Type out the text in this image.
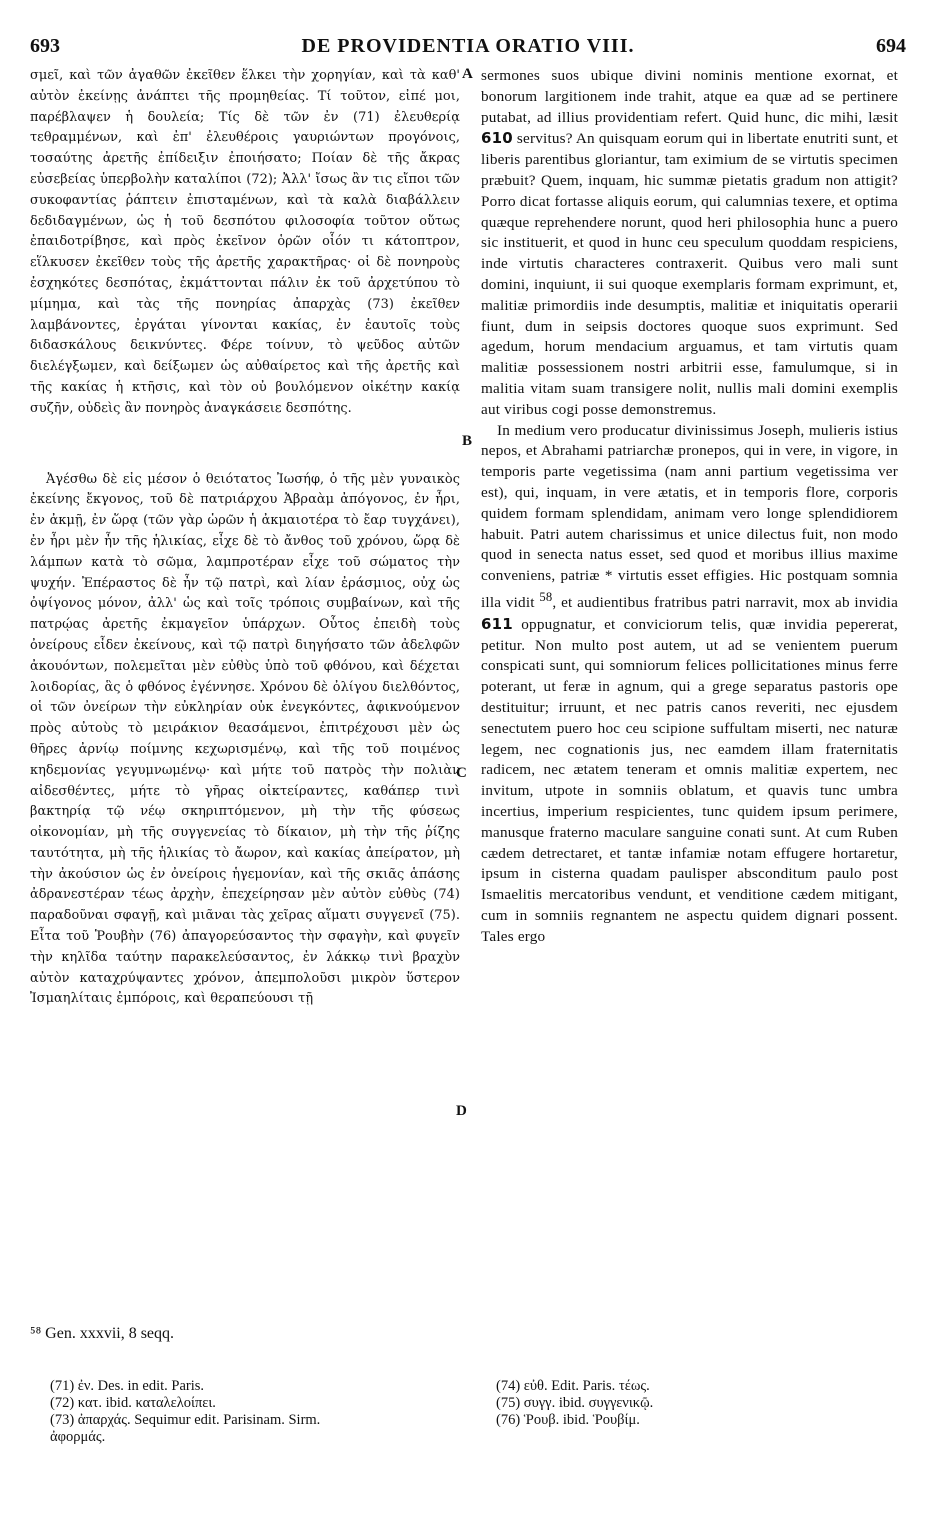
693	DE PROVIDENTIA ORATIO VIII.	694

σμεῖ, καὶ τῶν ἀγαθῶν ἐκεῖθεν ἕλκει τὴν χορηγίαν, καὶ τὰ καθ' αὐτὸν ἐκείνῃς ἀνάπτει τῆς προμηθείας. Τί τοῦτον, εἰπέ μοι, παρέβλαψεν ἡ δουλεία; Τίς δὲ τῶν ἐν (71) ἐλευθερίᾳ τεθραμμένων, καὶ ἐπ' ἐλευθέροις γαυριώντων προγόνοις, τοσαύτης ἀρετῆς ἐπίδειξιν ἐποιήσατο; Ποίαν δὲ τῆς ἄκρας εὐσεβείας ὑπερβολὴν καταλίποι (72); Ἀλλ' ἴσως ἂν τις εἴποι τῶν συκοφαντίας ῥάπτειν ἐπισταμένων, καὶ τὰ καλὰ διαβάλλειν δεδιδαγμένων, ὡς ἡ τοῦ δεσπότου φιλοσοφία τοῦτον οὕτως ἐπαιδοτρίβησε, καὶ πρὸς ἐκεῖνον ὁρῶν οἷόν τι κάτοπτρον, εἵλκυσεν ἐκεῖθεν τοὺς τῆς ἀρετῆς χαρακτῆρας· οἱ δὲ πονηροὺς ἐσχηκότες δεσπότας, ἐκμάττονται πάλιν ἐκ τοῦ ἀρχετύπου τὸ μίμημα, καὶ τὰς τῆς πονηρίας ἀπαρχὰς (73) ἐκεῖθεν λαμβάνοντες, ἐργάται γίνονται κακίας, ἐν ἑαυτοῖς τοὺς διδασκάλους δεικνύντες. Φέρε τοίνυν, τὸ ψεῦδος αὐτῶν διελέγξωμεν, καὶ δείξωμεν ὡς αὐθαίρετος καὶ τῆς ἀρετῆς καὶ τῆς κακίας ἡ κτῆσις, καὶ τὸν οὐ βουλόμενον οἰκέτην κακίᾳ συζῆν, οὐδεὶς ἂν πονηρὸς ἀναγκάσειε δεσπότης.

Ἀγέσθω δὲ εἰς μέσον ὁ θειότατος Ἰωσήφ, ὁ τῆς μὲν γυναικὸς ἐκείνης ἔκγονος, τοῦ δὲ πατριάρχου Ἀβραὰμ ἀπόγονος, ἐν ἦρι, ἐν ἀκμῇ, ἐν ὥρᾳ (τῶν γὰρ ὡρῶν ἡ ἀκμαιοτέρα τὸ ἔαρ τυγχάνει), ἐν ἦρι μὲν ἦν τῆς ἡλικίας, εἶχε δὲ τὸ ἄνθος τοῦ χρόνου, ὥρᾳ δὲ λάμπων κατὰ τὸ σῶμα, λαμπροτέραν εἶχε τοῦ σώματος τὴν ψυχήν. Ἐπέραστος δὲ ἦν τῷ πατρὶ, καὶ λίαν ἐράσμιος, οὐχ ὡς ὀψίγονος μόνον, ἀλλ' ὡς καὶ τοῖς τρόποις συμβαίνων, καὶ τῆς πατρῴας ἀρετῆς ἐκμαγεῖον ὑπάρχων. Οὗτος ἐπειδὴ τοὺς ὀνείρους εἶδεν ἐκείνους, καὶ τῷ πατρὶ διηγήσατο τῶν ἀδελφῶν ἀκουόντων, πολεμεῖται μὲν εὐθὺς ὑπὸ τοῦ φθόνου, καὶ δέχεται λοιδορίας, ἃς ὁ φθόνος ἐγέννησε. Χρόνου δὲ ὀλίγου διελθόντος, οἱ τῶν ὀνείρων τὴν εὐκληρίαν οὐκ ἐνεγκόντες, ἀφικνούμενον πρὸς αὐτοὺς τὸ μειράκιον θεασάμενοι, ἐπιτρέχουσι μὲν ὡς θῆρες ἀρνίῳ ποίμνης κεχωρισμένῳ, καὶ τῆς τοῦ ποιμένος κηδεμονίας γεγυμνωμένῳ· καὶ μήτε τοῦ πατρὸς τὴν πολιὰν αἰδεσθέντες, μήτε τὸ γῆρας οἰκτείραντες, καθάπερ τινὶ βακτηρίᾳ τῷ νέῳ σκηριπτόμενον, μὴ τὴν τῆς φύσεως οἰκονομίαν, μὴ τῆς συγγενείας τὸ δίκαιον, μὴ τὴν τῆς ῥίζης ταυτότητα, μὴ τῆς ἡλικίας τὸ ἄωρον, καὶ κακίας ἀπείρατον, μὴ τὴν ἀκούσιον ὡς ἐν ὀνείροις ἡγεμονίαν, καὶ τῆς σκιᾶς ἁπάσης ἀδρανεστέραν τέως ἀρχὴν, ἐπεχείρησαν μὲν αὐτὸν εὐθὺς (74) παραδοῦναι σφαγῇ, καὶ μιᾶναι τὰς χεῖρας αἵματι συγγενεῖ (75). Εἶτα τοῦ Ῥουβὴν (76) ἀπαγορεύσαντος τὴν σφαγὴν, καὶ φυγεῖν τὴν κηλῖδα ταύτην παρακελεύσαντος, ἐν λάκκῳ τινὶ βραχὺν αὐτὸν καταχρύψαντες χρόνον, ἀπεμπολοῦσι μικρὸν ὕστερον Ἰσμαηλίταις ἐμπόροις, καὶ θεραπεύουσι τῇ

A
B
C
D

sermones suos ubique divini nominis mentione exornat, et bonorum largitionem inde trahit, atque ea quæ ad se pertinere putabat, ad illius providentiam refert. Quid hunc, dic mihi, læsit 610 servitus? An quisquam eorum qui in libertate enutriti sunt, et liberis parentibus gloriantur, tam eximium de se virtutis specimen præbuit? Quem, inquam, hic summæ pietatis gradum non attigit? Porro dicat fortasse aliquis eorum, qui calumnias texere, et optima quæque reprehendere norunt, quod heri philosophia hunc a puero sic instituerit, et quod in hunc ceu speculum quoddam respiciens, inde virtutis characteres contraxerit. Quibus vero mali sunt domini, inquiunt, ii sui quoque exemplaris formam exprimunt, et, malitiæ primordiis inde desumptis, malitiæ et iniquitatis operarii fiunt, dum in seipsis doctores quoque suos exprimunt. Sed agedum, horum mendacium arguamus, et tam virtutis quam malitiæ possessionem nostri arbitrii esse, famulumque, si in malitia vitam suam transigere nolit, nullis mali domini exemplis aut viribus cogi posse demonstremus.

In medium vero producatur divinissimus Joseph, mulieris istius nepos, et Abrahami patriarchæ pronepos, qui in vere, in vigore, in temporis parte vegetissima (nam anni partium vegetissima ver est), qui, inquam, in vere ætatis, et in temporis flore, corporis quidem formam splendidam, animam vero longe splendidiorem habuit. Patri autem charissimus et unice dilectus fuit, non modo quod in senecta natus esset, sed quod et moribus illius maxime conveniens, patriæ * virtutis esset effigies. Hic postquam somnia illa vidit $^{58}$, et audientibus fratribus patri narravit, mox ab invidia 611 oppugnatur, et conviciorum telis, quæ invidia pepererat, petitur. Non multo post autem, ut ad se venientem puerum conspicati sunt, qui somniorum felices pollicitationes minus ferre poterant, ut feræ in agnum, qui a grege separatus pastoris ope destituitur; irruunt, et nec patris canos reveriti, nec ejusdem senectutem puero hoc ceu scipione suffultam miserti, nec naturæ legem, nec cognationis jus, nec eamdem illam fraternitatis radicem, nec ætatem teneram et omnis malitiæ expertem, nec invitum, utpote in somniis oblatum, et quavis tunc umbra incertius, imperium respicientes, tunc quidem ipsum perimere, manusque fraterno maculare sanguine conati sunt. At cum Ruben cædem detrectaret, et tantæ infamiæ notam effugere hortaretur, ipsum in cisterna quadam paulisper absconditum paulo post Ismaelitis mercatoribus vendunt, et venditione cædem mitigant, cum in somniis regnantem ne aspectu quidem dignari possent. Tales ergo

⁵⁸ Gen. xxxvii, 8 seqq.
(71) ἐν. Des. in edit. Paris.
(72) κατ. ibid. καταλελοίπει.
(73) ἀπαρχάς. Sequimur edit. Parisinam. Sirm.
ἀφορμάς.
(74) εὐθ. Edit. Paris. τέως.
(75) συγγ. ibid. συγγενικῷ.
(76) Ῥουβ. ibid. Ῥουβίμ.
